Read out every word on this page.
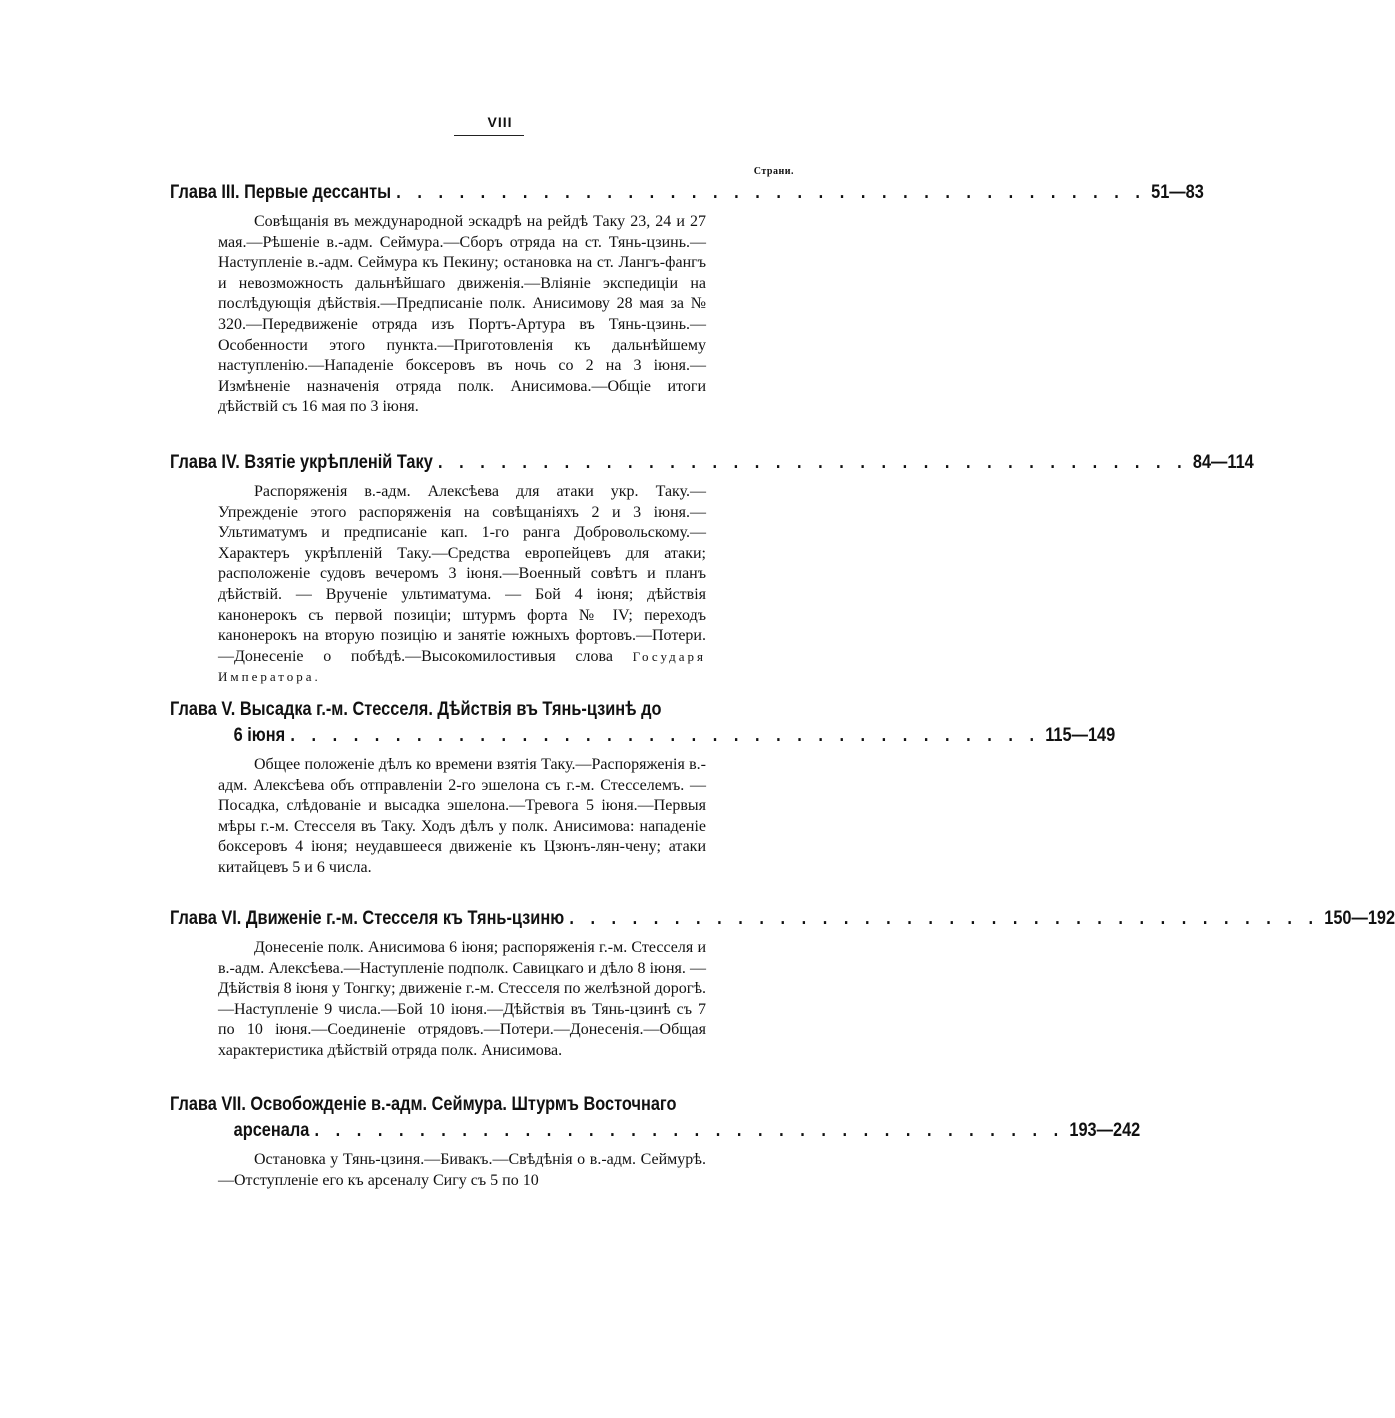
VIII
Страни.
Глава III. Первые дессанты . . . . . . . . . . . . . . . . . . . . . . . . . . . . . . . . . . . . 51—83
Совѣщанія въ международной эскадрѣ на рейдѣ Таку 23, 24 и 27 мая.—Рѣшеніе в.-адм. Сеймура.—Сборъ отряда на ст. Тянь-цзинь.—Наступленіе в.-адм. Сеймура къ Пекину; остановка на ст. Лангъ-фангъ и невозможность дальнѣйшаго движенія.—Вліяніе экспедиціи на послѣдующія дѣйствія.—Предписаніе полк. Анисимову 28 мая за № 320.—Передвиженіе отряда изъ Портъ-Артура въ Тянь-цзинь.—Особенности этого пункта.—Приготовленія къ дальнѣйшему наступленію.—Нападеніе боксеровъ въ ночь со 2 на 3 іюня.—Измѣненіе назначенія отряда полк. Анисимова.—Общіе итоги дѣйствій съ 16 мая по 3 іюня.
Глава IV. Взятіе укрѣпленій Таку . . . . . . . . . . . . . . . . . . . . . . . . . . . . . . . . . . . . 84—114
Распоряженія в.-адм. Алексѣева для атаки укр. Таку.—Упрежденіе этого распоряженія на совѣщаніяхъ 2 и 3 іюня.—Ультиматумъ и предписаніе кап. 1-го ранга Добровольскому.—Характеръ укрѣпленій Таку.—Средства европейцевъ для атаки; расположеніе судовъ вечеромъ 3 іюня.—Военный совѣтъ и планъ дѣйствій. — Врученіе ультиматума. — Бой 4 іюня; дѣйствія канонерокъ съ первой позиціи; штурмъ форта № IV; переходъ канонерокъ на вторую позицію и занятіе южныхъ фортовъ.—Потери.—Донесеніе о побѣдѣ.—Высокомилостивыя слова Государя Императора.
Глава V. Высадка г.-м. Стесселя. Дѣйствія въ Тянь-цзинѣ до
6 іюня . . . . . . . . . . . . . . . . . . . . . . . . . . . . . . . . . . . . 115—149
Общее положеніе дѣлъ ко времени взятія Таку.—Распоряженія в.-адм. Алексѣева объ отправленіи 2-го эшелона съ г.-м. Стесселемъ. — Посадка, слѣдованіе и высадка эшелона.—Тревога 5 іюня.—Первыя мѣры г.-м. Стесселя въ Таку. Ходъ дѣлъ у полк. Анисимова: нападеніе боксеровъ 4 іюня; неудавшееся движеніе къ Цзюнъ-лян-чену; атаки китайцевъ 5 и 6 числа.
Глава VI. Движеніе г.-м. Стесселя къ Тянь-цзиню . . . . . . . . . . . . . . . . . . . . . . . . . . . . . . . . . . . . 150—192
Донесеніе полк. Анисимова 6 іюня; распоряженія г.-м. Стесселя и в.-адм. Алексѣева.—Наступленіе подполк. Савицкаго и дѣло 8 іюня. — Дѣйствія 8 іюня у Тонгку; движеніе г.-м. Стесселя по желѣзной дорогѣ.—Наступленіе 9 числа.—Бой 10 іюня.—Дѣйствія въ Тянь-цзинѣ съ 7 по 10 іюня.—Соединеніе отрядовъ.—Потери.—Донесенія.—Общая характеристика дѣйствій отряда полк. Анисимова.
Глава VII. Освобожденіе в.-адм. Сеймура. Штурмъ Восточнаго
арсенала . . . . . . . . . . . . . . . . . . . . . . . . . . . . . . . . . . . . 193—242
Остановка у Тянь-цзиня.—Бивакъ.—Свѣдѣнія о в.-адм. Сеймурѣ.—Отступленіе его къ арсеналу Сигу съ 5 по 10
